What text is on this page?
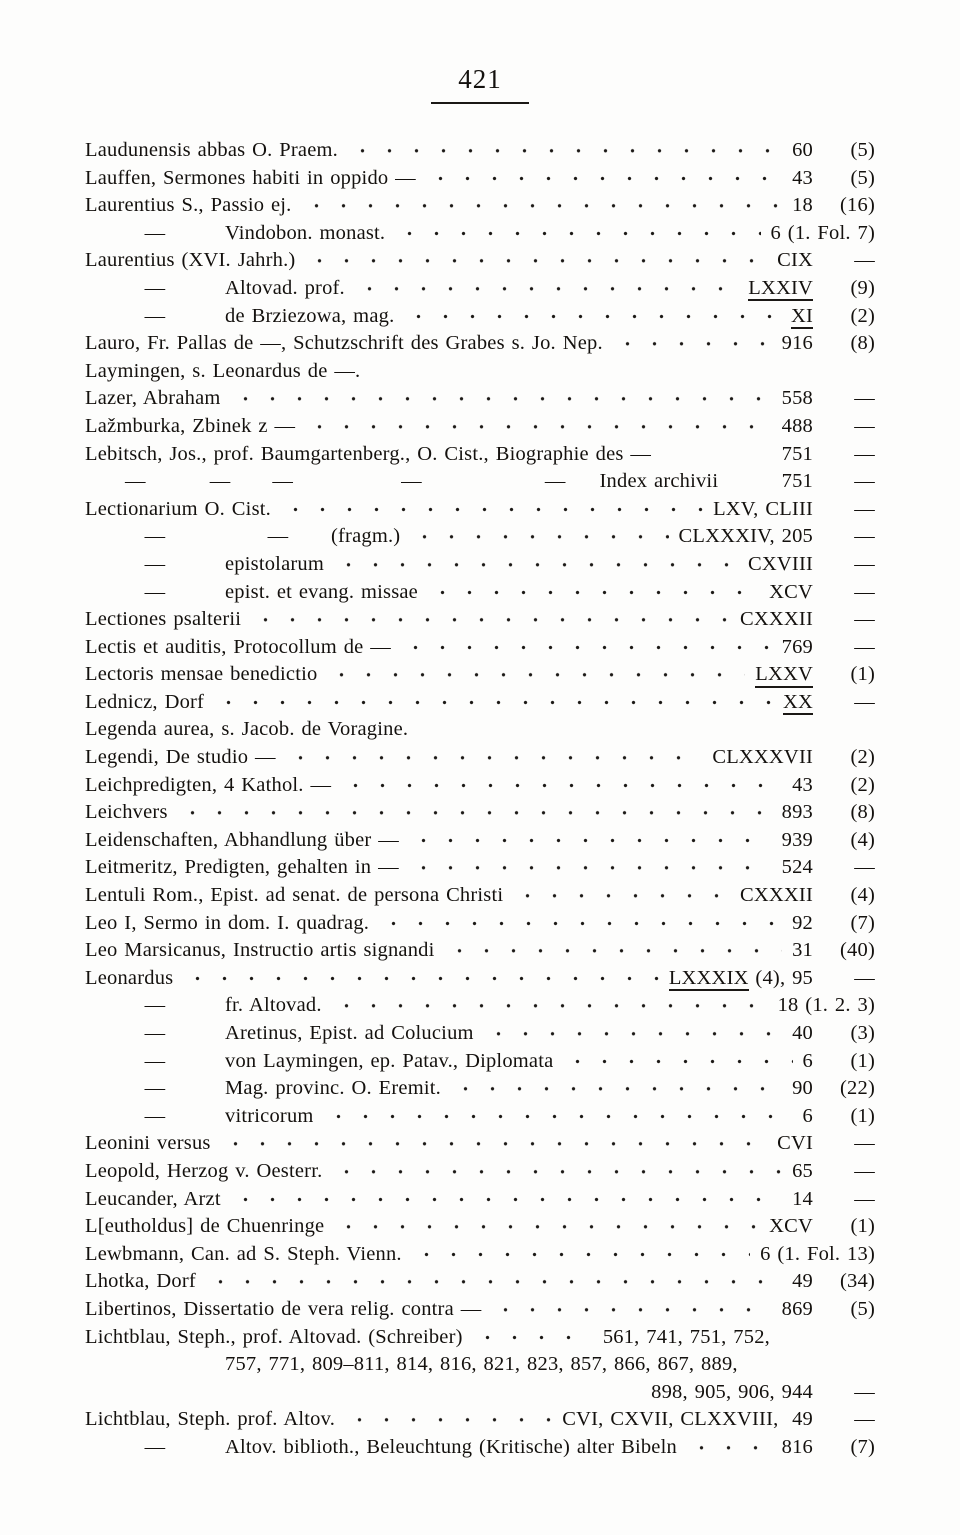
421
Laudunensis abbas O. Praem.	60	(5)
Lauffen, Sermones habiti in oppido —	43	(5)
Laurentius S., Passio ej.	18	(16)
—	Vindobon. monast.	6 (1. Fol. 7)
Laurentius (XVI. Jahrh.)	CIX	—
—	Altovad. prof.	LXXIV	(9)
—	de Brziezowa, mag.	XI	(2)
Lauro, Fr. Pallas de —, Schutzschrift des Grabes s. Jo. Nep.	916	(8)
Laymingen, s. Leonardus de —.
Lazer, Abraham	558	—
Lažmburka, Zbinek z —	488	—
Lebitsch, Jos., prof. Baumgartenberg., O. Cist., Biographie des —	751	—
—	— —	—	— Index archivii	751	—
Lectionarium O. Cist.	LXV, CLIII	—
—	—	(fragm.)	CLXXXIV, 205	—
—	epistolarum	CXVIII	—
—	epist. et evang. missae	XCV	—
Lectiones psalterii	CXXXII	—
Lectis et auditis, Protocollum de —	769	—
Lectoris mensae benedictio	LXXV	(1)
Lednicz, Dorf	XX	—
Legenda aurea, s. Jacob. de Voragine.
Legendi, De studio —	CLXXXVII	(2)
Leichpredigten, 4 Kathol. —	43	(2)
Leichvers	893	(8)
Leidenschaften, Abhandlung über —	939	(4)
Leitmeritz, Predigten, gehalten in —	524	—
Lentuli Rom., Epist. ad senat. de persona Christi	CXXXII	(4)
Leo I, Sermo in dom. I. quadrag.	92	(7)
Leo Marsicanus, Instructio artis signandi	31	(40)
Leonardus	LXXXIX (4), 95	—
—	fr. Altovad.	18 (1. 2. 3)
—	Aretinus, Epist. ad Colucium	40	(3)
—	von Laymingen, ep. Patav., Diplomata	6	(1)
—	Mag. provinc. O. Eremit.	90	(22)
—	vitricorum	6	(1)
Leonini versus	CVI	—
Leopold, Herzog v. Oesterr.	65	—
Leucander, Arzt	14	—
L[eutholdus] de Chuenringe	XCV	(1)
Lewbmann, Can. ad S. Steph. Vienn.	6 (1. Fol. 13)
Lhotka, Dorf	49	(34)
Libertinos, Dissertatio de vera relig. contra —	869	(5)
Lichtblau, Steph., prof. Altovad. (Schreiber)	561, 741, 751, 752,
757, 771, 809–811, 814, 816, 821, 823, 857, 866, 867, 889,
898, 905, 906, 944	—
Lichtblau, Steph. prof. Altov.	CVI, CXVII, CLXXVIII,  49	—
—	Altov. biblioth., Beleuchtung (Kritische) alter Bibeln	816	(7)
